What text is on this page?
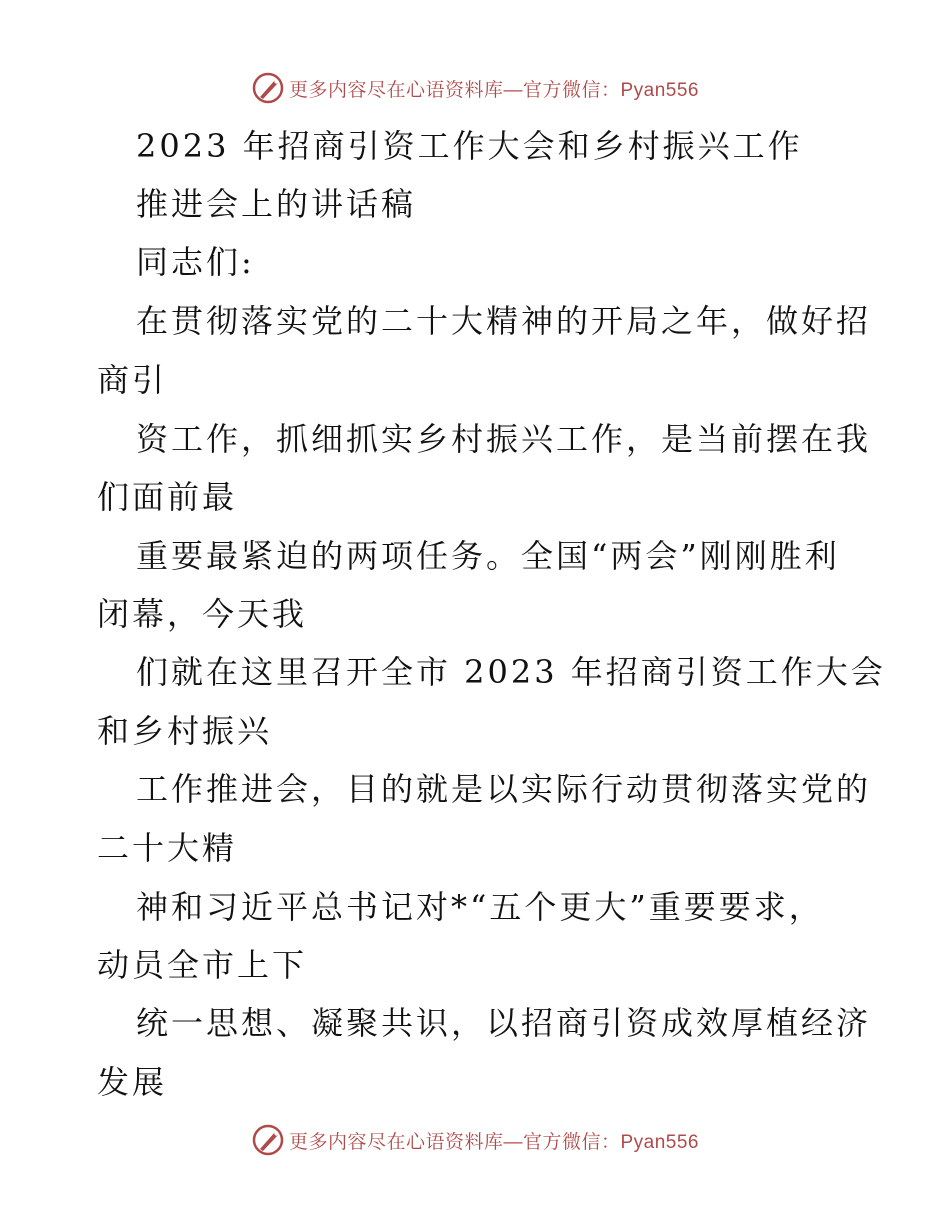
更多内容尽在心语资料库—官方微信：Pyan556
2023 年招商引资工作大会和乡村振兴工作
推进会上的讲话稿
同志们:
在贯彻落实党的二十大精神的开局之年，做好招
商引
资工作，抓细抓实乡村振兴工作，是当前摆在我
们面前最
重要最紧迫的两项任务。全国“两会”刚刚胜利
闭幕，今天我
们就在这里召开全市 2023 年招商引资工作大会
和乡村振兴
工作推进会，目的就是以实际行动贯彻落实党的
二十大精
神和习近平总书记对*“五个更大”重要要求，
动员全市上下
统一思想、凝聚共识，以招商引资成效厚植经济
发展
更多内容尽在心语资料库—官方微信：Pyan556
